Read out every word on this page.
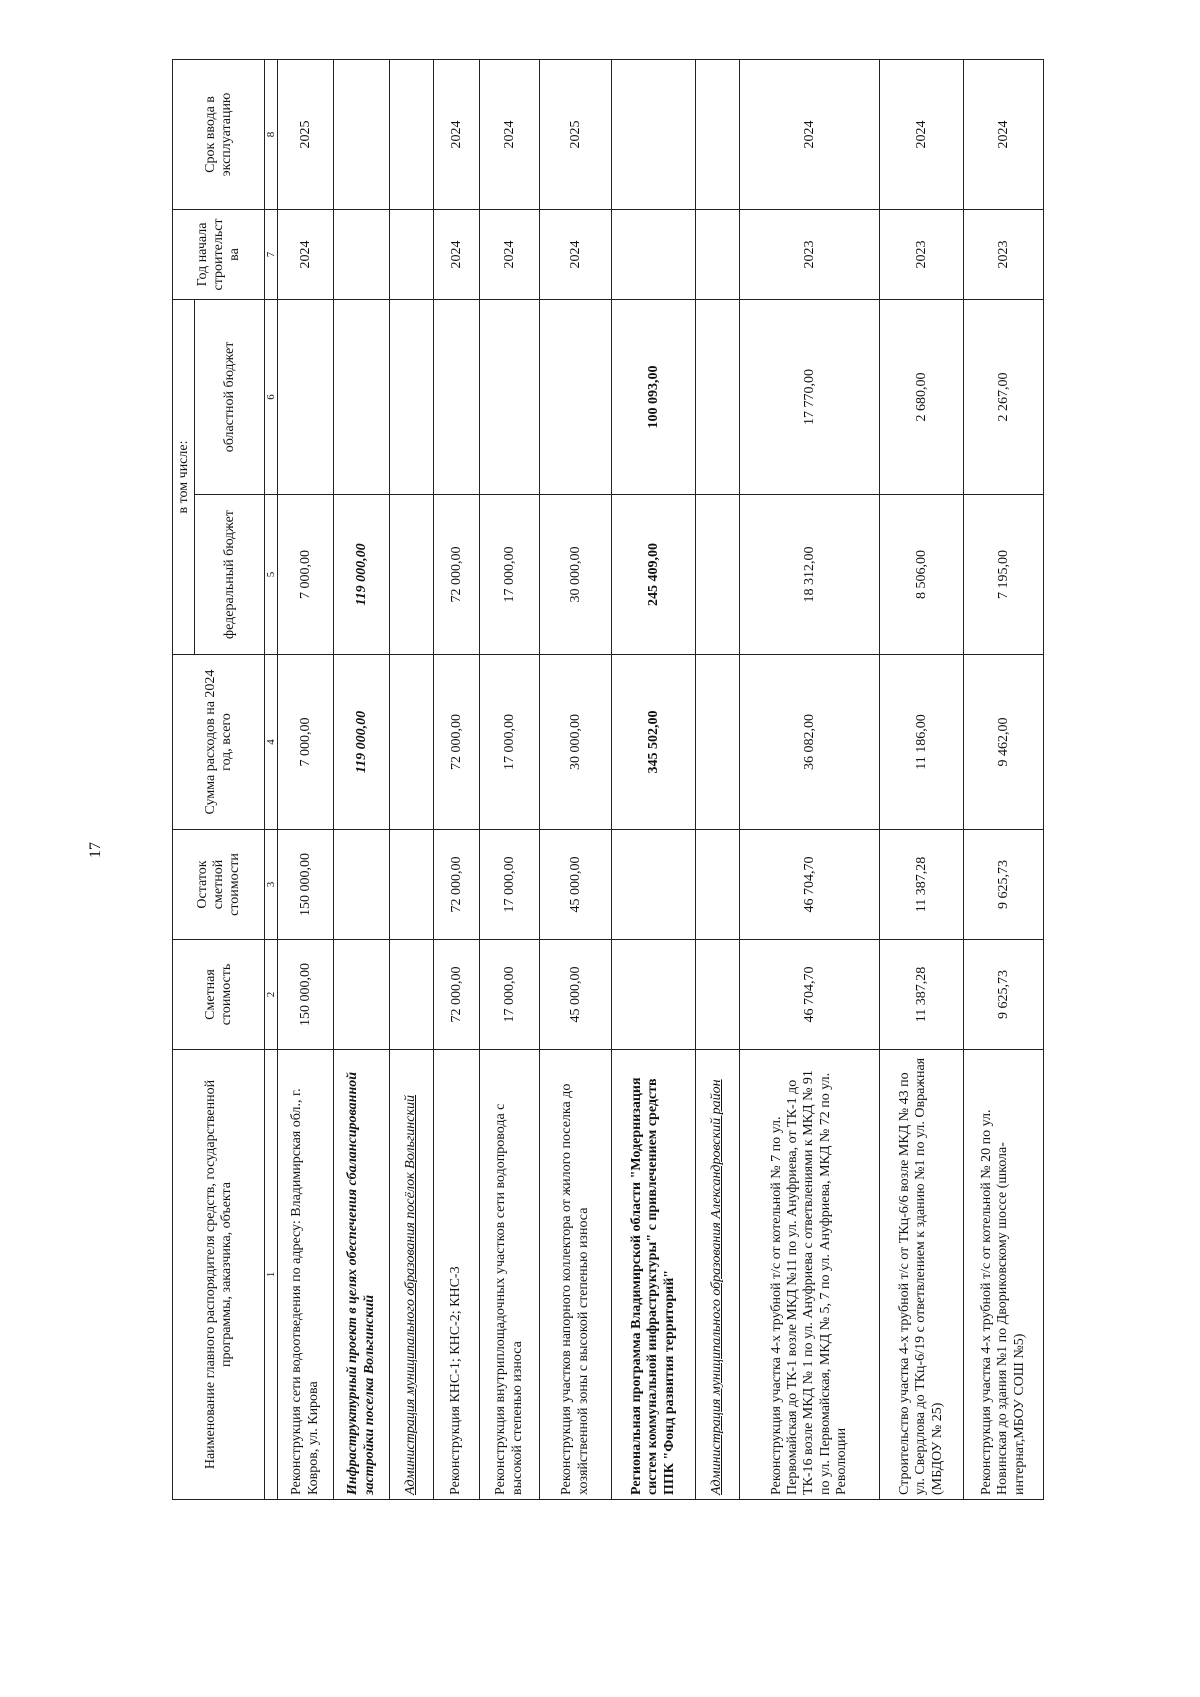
17
Наименование главного распорядителя средств, государственной программы, заказчика, объекта	Сметная стоимость	Остаток сметной стоимости	Сумма расходов на 2024 год, всего	в том числе:		Год начала строительст ва	Срок ввода в эксплуатацию
				федеральный бюджет	областной бюджет		
1	2	3	4	5	6	7	8
Реконструкция сети водоотведения по адресу: Владимирская обл., г. Ковров, ул. Кирова	150 000,00	150 000,00	7 000,00	7 000,00		2024	2025
Инфраструктурный проект в целях обеспечения сбалансированной застройки поселка Вольгинский			119 000,00	119 000,00			
Администрация муниципального образования посёлок Вольгинский							
Реконструкция КНС-1; КНС-2; КНС-3	72 000,00	72 000,00	72 000,00	72 000,00		2024	2024
Реконструкция внутриплощадочных участков сети водопровода с высокой степенью износа	17 000,00	17 000,00	17 000,00	17 000,00		2024	2024
Реконструкция участков напорного коллектора от жилого поселка до хозяйственной зоны с высокой степенью износа	45 000,00	45 000,00	30 000,00	30 000,00		2024	2025
Региональная программа Владимирской области "Модернизация систем коммунальной инфраструктуры" с привлечением средств ППК "Фонд развития территорий"			345 502,00	245 409,00	100 093,00		
Администрация муниципального образования Александровский район							
Реконструкция участка 4-х трубной т/с от котельной № 7 по ул. Первомайская до ТК-1 возле МКД №11 по ул. Ануфриева, от ТК-1 до ТК-16 возле МКД № 1 по ул. Ануфриева с ответвлениями к МКД № 91 по ул. Первомайская, МКД № 5, 7 по ул. Ануфриева, МКД № 72 по ул. Революции	46 704,70	46 704,70	36 082,00	18 312,00	17 770,00	2023	2024
Строительство участка 4-х трубной т/с от ТКц-6/6 возле МКД № 43 по ул. Свердлова до ТКц-6/19 с ответвлением к зданию №1 по ул. Овражная (МБДОУ № 25)	11 387,28	11 387,28	11 186,00	8 506,00	2 680,00	2023	2024
Реконструкция участка 4-х трубной т/с от котельной № 20 по ул. Новинская до здания №1 по Двориковскому шоссе (школа-интернат,МБОУ СОШ №5)	9 625,73	9 625,73	9 462,00	7 195,00	2 267,00	2023	2024
